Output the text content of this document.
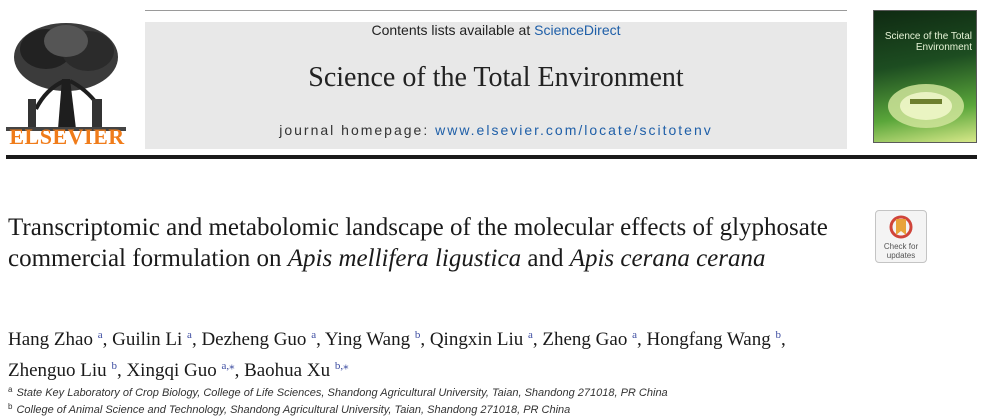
ELSEVIER
Contents lists available at ScienceDirect
Science of the Total Environment
journal homepage: www.elsevier.com/locate/scitotenv
Science of the Total Environment
Transcriptomic and metabolomic landscape of the molecular effects of glyphosate commercial formulation on Apis mellifera ligustica and Apis cerana cerana	Check for updates
Hang Zhao $^a$, Guilin Li $^a$, Dezheng Guo $^a$, Ying Wang $^b$, Qingxin Liu $^a$, Zheng Gao $^a$, Hongfang Wang $^b$,
Zhenguo Liu $^b$, Xingqi Guo $^{a,⁎}$, Baohua Xu $^{b,⁎}$
$^a$ State Key Laboratory of Crop Biology, College of Life Sciences, Shandong Agricultural University, Taian, Shandong 271018, PR China
$^b$ College of Animal Science and Technology, Shandong Agricultural University, Taian, Shandong 271018, PR China
